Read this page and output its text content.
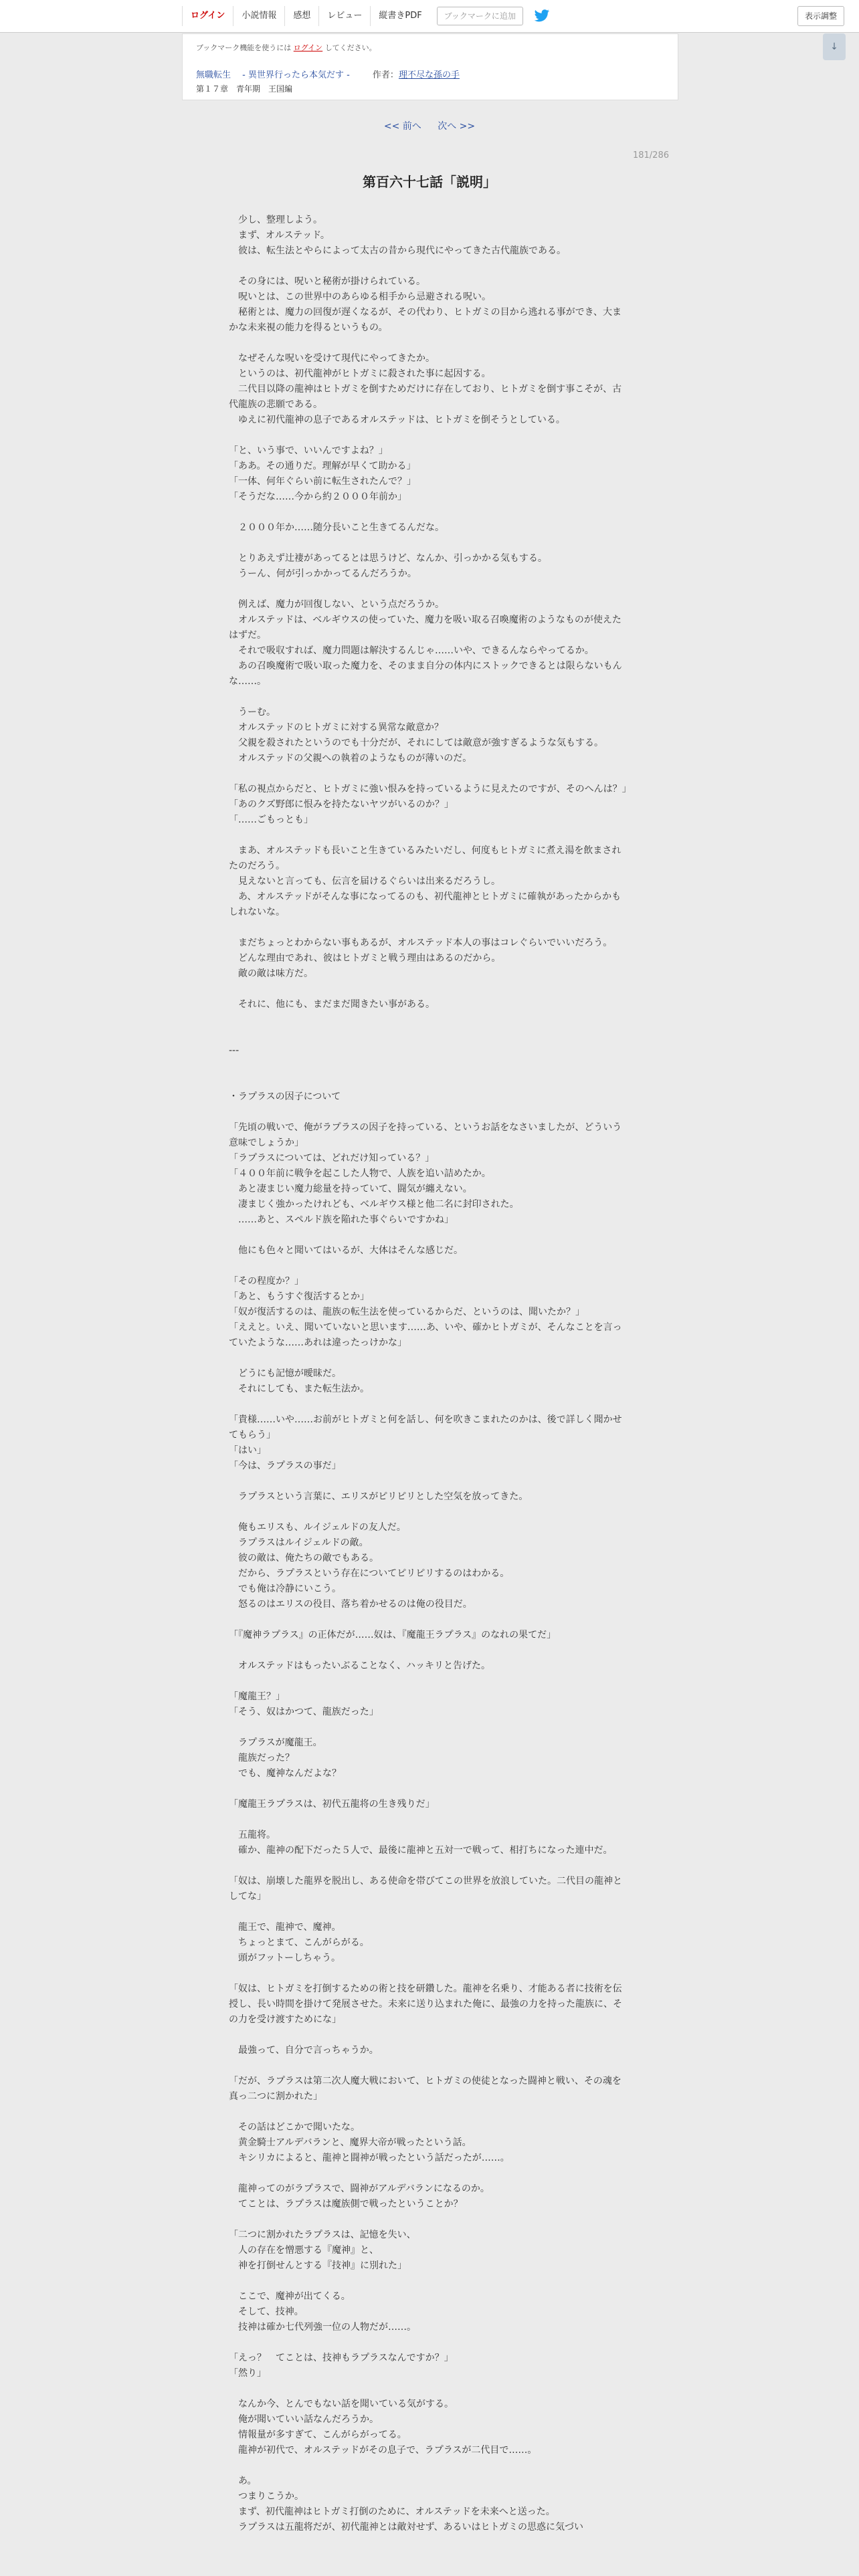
ログイン	小説情報	感想	レビュー	縦書きPDF	ブックマークに追加	表示調整
↓
ブックマーク機能を使うには ログイン してください。
無職転生 　- 異世界行ったら本気だす -	作者：理不尽な孫の手
第１７章　青年期　王国編
<< 前へ 次へ >>
181/286
第百六十七話「説明」

　少し、整理しよう。

　まず、オルステッド。

　彼は、転生法とやらによって太古の昔から現代にやってきた古代龍族である。

　その身には、呪いと秘術が掛けられている。

　呪いとは、この世界中のあらゆる相手から忌避される呪い。

　秘術とは、魔力の回復が遅くなるが、その代わり、ヒトガミの目から逃れる事ができ、大まかな未来視の能力を得るというもの。

　なぜそんな呪いを受けて現代にやってきたか。

　というのは、初代龍神がヒトガミに殺された事に起因する。

　二代目以降の龍神はヒトガミを倒すためだけに存在しており、ヒトガミを倒す事こそが、古代龍族の悲願である。

　ゆえに初代龍神の息子であるオルステッドは、ヒトガミを倒そうとしている。

「と、いう事で、いいんですよね？」

「ああ。その通りだ。理解が早くて助かる」

「一体、何年ぐらい前に転生されたんで？」

「そうだな……今から約２０００年前か」

　２０００年か……随分長いこと生きてるんだな。

　とりあえず辻褄があってるとは思うけど、なんか、引っかかる気もする。

　うーん、何が引っかかってるんだろうか。

　例えば、魔力が回復しない、という点だろうか。

　オルステッドは、ベルギウスの使っていた、魔力を吸い取る召喚魔術のようなものが使えたはずだ。

　それで吸収すれば、魔力問題は解決するんじゃ……いや、できるんならやってるか。

　あの召喚魔術で吸い取った魔力を、そのまま自分の体内にストックできるとは限らないもんな……。

　うーむ。

　オルステッドのヒトガミに対する異常な敵意か？

　父親を殺されたというのでも十分だが、それにしては敵意が強すぎるような気もする。

　オルステッドの父親への執着のようなものが薄いのだ。

「私の視点からだと、ヒトガミに強い恨みを持っているように見えたのですが、そのへんは？」

「あのクズ野郎に恨みを持たないヤツがいるのか？」

「……ごもっとも」

　まあ、オルステッドも長いこと生きているみたいだし、何度もヒトガミに煮え湯を飲まされたのだろう。

　見えないと言っても、伝言を届けるぐらいは出来るだろうし。

　あ、オルステッドがそんな事になってるのも、初代龍神とヒトガミに確執があったからかもしれないな。

　まだちょっとわからない事もあるが、オルステッド本人の事はコレぐらいでいいだろう。

　どんな理由であれ、彼はヒトガミと戦う理由はあるのだから。

　敵の敵は味方だ。

　それに、他にも、まだまだ聞きたい事がある。

---

・ラプラスの因子について

「先頃の戦いで、俺がラプラスの因子を持っている、というお話をなさいましたが、どういう意味でしょうか」

「ラプラスについては、どれだけ知っている？」

「４００年前に戦争を起こした人物で、人族を追い詰めたか。

　あと凄まじい魔力総量を持っていて、闘気が纏えない。

　凄まじく強かったけれども、ベルギウス様と他二名に封印された。

　……あと、スペルド族を陥れた事ぐらいですかね」

　他にも色々と聞いてはいるが、大体はそんな感じだ。

「その程度か？」

「あと、もうすぐ復活するとか」

「奴が復活するのは、龍族の転生法を使っているからだ、というのは、聞いたか？」

「ええと。いえ、聞いていないと思います……あ、いや、確かヒトガミが、そんなことを言っていたような……あれは違ったっけかな」

　どうにも記憶が曖昧だ。

　それにしても、また転生法か。

「貴様……いや……お前がヒトガミと何を話し、何を吹きこまれたのかは、後で詳しく聞かせてもらう」

「はい」

「今は、ラプラスの事だ」

　ラプラスという言葉に、エリスがピリピリとした空気を放ってきた。

　俺もエリスも、ルイジェルドの友人だ。

　ラプラスはルイジェルドの敵。

　彼の敵は、俺たちの敵でもある。

　だから、ラプラスという存在についてピリピリするのはわかる。

　でも俺は冷静にいこう。

　怒るのはエリスの役目、落ち着かせるのは俺の役目だ。

「『魔神ラプラス』の正体だが……奴は、『魔龍王ラプラス』のなれの果てだ」

　オルステッドはもったいぶることなく、ハッキリと告げた。

「魔龍王？」

「そう、奴はかつて、龍族だった」

　ラプラスが魔龍王。

　龍族だった？

　でも、魔神なんだよな？

「魔龍王ラプラスは、初代五龍将の生き残りだ」

　五龍将。

　確か、龍神の配下だった５人で、最後に龍神と五対一で戦って、相打ちになった連中だ。

「奴は、崩壊した龍界を脱出し、ある使命を帯びてこの世界を放浪していた。二代目の龍神としてな」

　龍王で、龍神で、魔神。

　ちょっとまて、こんがらがる。

　頭がフットーしちゃう。

「奴は、ヒトガミを打倒するための術と技を研鑽した。龍神を名乗り、才能ある者に技術を伝授し、長い時間を掛けて発展させた。未来に送り込まれた俺に、最強の力を持った龍族に、その力を受け渡すためにな」

　最強って、自分で言っちゃうか。

「だが、ラプラスは第二次人魔大戦において、ヒトガミの使徒となった闘神と戦い、その魂を真っ二つに割かれた」

　その話はどこかで聞いたな。

　黄金騎士アルデバランと、魔界大帝が戦ったという話。

　キシリカによると、龍神と闘神が戦ったという話だったが……。

　龍神ってのがラプラスで、闘神がアルデバランになるのか。

　てことは、ラプラスは魔族側で戦ったということか？

「二つに割かれたラプラスは、記憶を失い、

　人の存在を憎悪する『魔神』と、

　神を打倒せんとする『技神』に別れた」

　ここで、魔神が出てくる。

　そして、技神。

　技神は確か七代列強一位の人物だが……。

「えっ？　てことは、技神もラプラスなんですか？」

「然り」

　なんか今、とんでもない話を聞いている気がする。

　俺が聞いていい話なんだろうか。

　情報量が多すぎて、こんがらがってる。

　龍神が初代で、オルステッドがその息子で、ラプラスが二代目で……。

　あ。

　つまりこうか。

　まず、初代龍神はヒトガミ打倒のために、オルステッドを未来へと送った。

　ラプラスは五龍将だが、初代龍神とは敵対せず、あるいはヒトガミの思惑に気づい
